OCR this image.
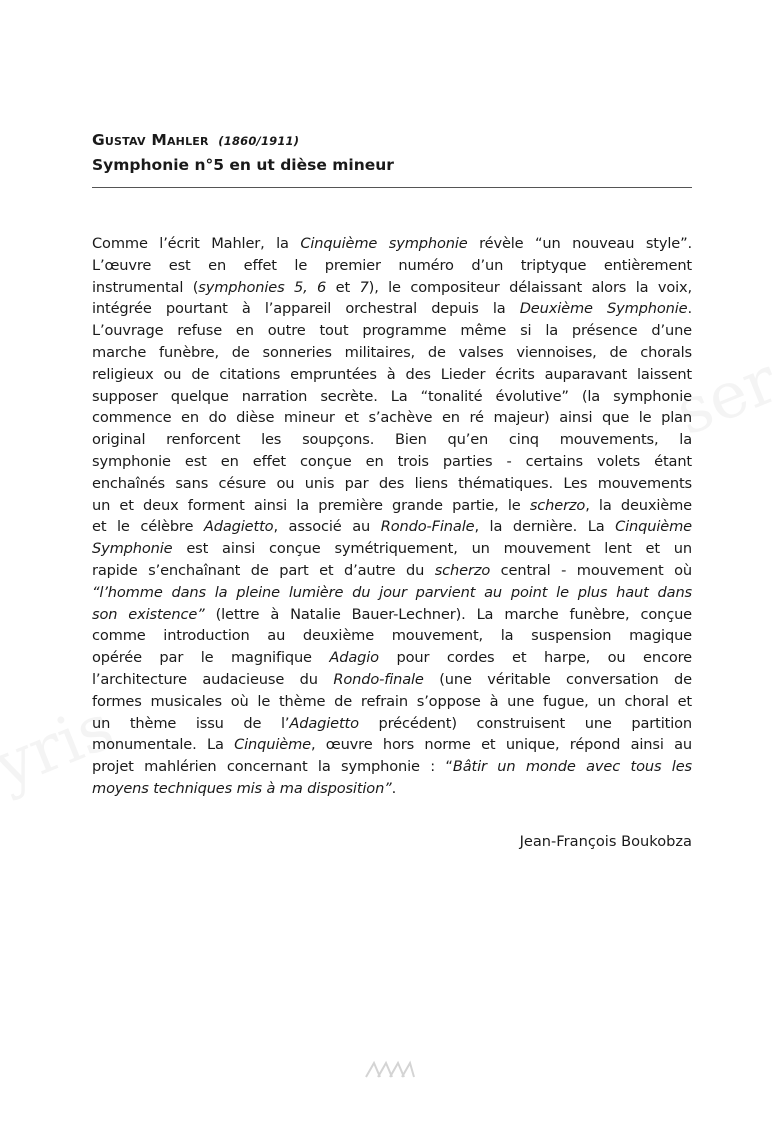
Gustav Mahler (1860/1911)
Symphonie n°5 en ut dièse mineur
Comme l’écrit Mahler, la Cinquième symphonie révèle “un nouveau style”.
L’œuvre est en effet le premier numéro d’un triptyque entièrement
instrumental (symphonies 5, 6 et 7), le compositeur délaissant alors la voix,
intégrée pourtant à l’appareil orchestral depuis la Deuxième Symphonie.
L’ouvrage refuse en outre tout programme même si la présence d’une
marche funèbre, de sonneries militaires, de valses viennoises, de chorals
religieux ou de citations empruntées à des Lieder écrits auparavant laissent
supposer quelque narration secrète. La “tonalité évolutive” (la symphonie
commence en do dièse mineur et s’achève en ré majeur) ainsi que le plan
original renforcent les soupçons. Bien qu’en cinq mouvements, la
symphonie est en effet conçue en trois parties - certains volets étant
enchaînés sans césure ou unis par des liens thématiques. Les mouvements
un et deux forment ainsi la première grande partie, le scherzo, la deuxième
et le célèbre Adagietto, associé au Rondo-Finale, la dernière. La Cinquième
Symphonie est ainsi conçue symétriquement, un mouvement lent et un
rapide s’enchaînant de part et d’autre du scherzo central - mouvement où
“l’homme dans la pleine lumière du jour parvient au point le plus haut dans
son existence” (lettre à Natalie Bauer-Lechner). La marche funèbre, conçue
comme introduction au deuxième mouvement, la suspension magique
opérée par le magnifique Adagio pour cordes et harpe, ou encore
l’architecture audacieuse du Rondo-finale (une véritable conversation de
formes musicales où le thème de refrain s’oppose à une fugue, un choral et
un thème issu de l’Adagietto précédent) construisent une partition
monumentale. La Cinquième, œuvre hors norme et unique, répond ainsi au
projet mahlérien concernant la symphonie : “Bâtir un monde avec tous les
moyens techniques mis à ma disposition”.
Jean-François Boukobza
